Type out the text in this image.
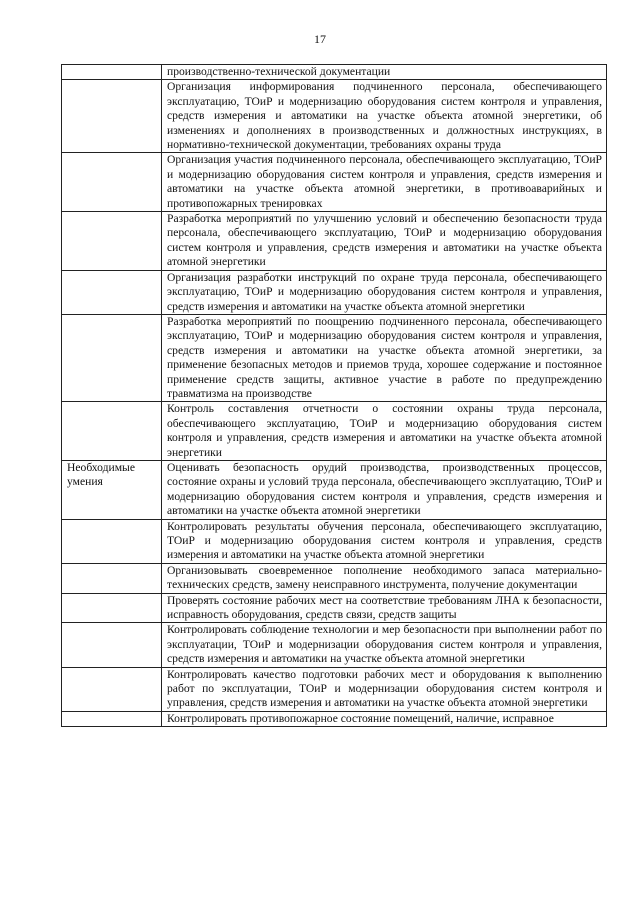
17
	производственно-технической документации
	Организация информирования подчиненного персонала, обеспечивающего эксплуатацию, ТОиР и модернизацию оборудования систем контроля и управления, средств измерения и автоматики на участке объекта атомной энергетики, об изменениях и дополнениях в производственных и должностных инструкциях, в нормативно-технической документации, требованиях охраны труда
	Организация участия подчиненного персонала, обеспечивающего эксплуатацию, ТОиР и модернизацию оборудования систем контроля и управления, средств измерения и автоматики на участке объекта атомной энергетики, в противоаварийных и противопожарных тренировках
	Разработка мероприятий по улучшению условий и обеспечению безопасности труда персонала, обеспечивающего эксплуатацию, ТОиР и модернизацию оборудования систем контроля и управления, средств измерения и автоматики на участке объекта атомной энергетики
	Организация разработки инструкций по охране труда персонала, обеспечивающего эксплуатацию, ТОиР и модернизацию оборудования систем контроля и управления, средств измерения и автоматики на участке объекта атомной энергетики
	Разработка мероприятий по поощрению подчиненного персонала, обеспечивающего эксплуатацию, ТОиР и модернизацию оборудования систем контроля и управления, средств измерения и автоматики на участке объекта атомной энергетики, за применение безопасных методов и приемов труда, хорошее содержание и постоянное применение средств защиты, активное участие в работе по предупреждению травматизма на производстве
	Контроль составления отчетности о состоянии охраны труда персонала, обеспечивающего эксплуатацию, ТОиР и модернизацию оборудования систем контроля и управления, средств измерения и автоматики на участке объекта атомной энергетики
Необходимые умения	Оценивать безопасность орудий производства, производственных процессов, состояние охраны и условий труда персонала, обеспечивающего эксплуатацию, ТОиР и модернизацию оборудования систем контроля и управления, средств измерения и автоматики на участке объекта атомной энергетики
	Контролировать результаты обучения персонала, обеспечивающего эксплуатацию, ТОиР и модернизацию оборудования систем контроля и управления, средств измерения и автоматики на участке объекта атомной энергетики
	Организовывать своевременное пополнение необходимого запаса материально-технических средств, замену неисправного инструмента, получение документации
	Проверять состояние рабочих мест на соответствие требованиям ЛНА к безопасности, исправность оборудования, средств связи, средств защиты
	Контролировать соблюдение технологии и мер безопасности при выполнении работ по эксплуатации, ТОиР и модернизации оборудования систем контроля и управления, средств измерения и автоматики на участке объекта атомной энергетики
	Контролировать качество подготовки рабочих мест и оборудования к выполнению работ по эксплуатации, ТОиР и модернизации оборудования систем контроля и управления, средств измерения и автоматики на участке объекта атомной энергетики
	Контролировать противопожарное состояние помещений, наличие, исправное
